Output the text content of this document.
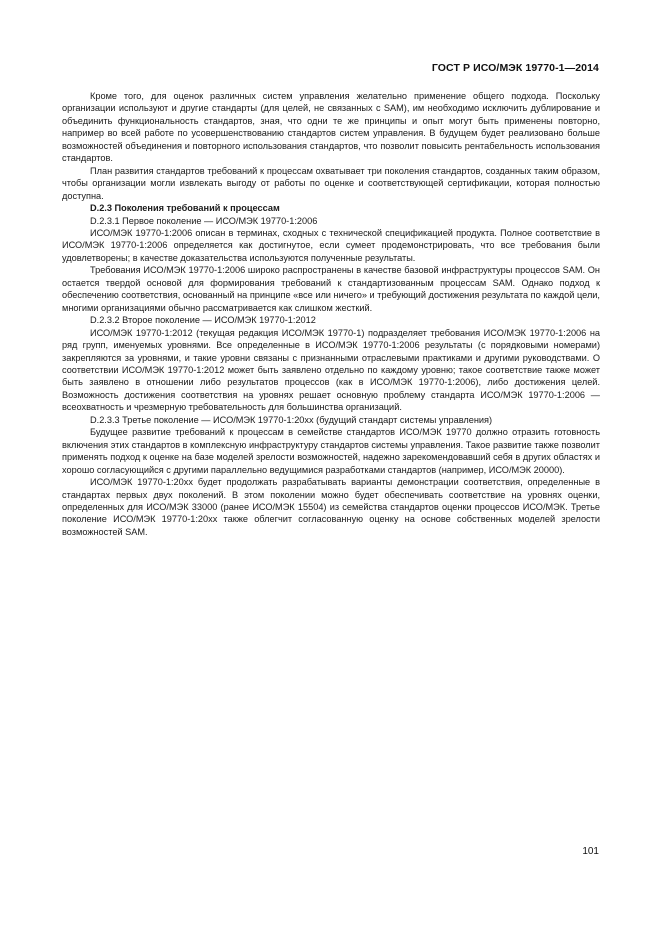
ГОСТ Р ИСО/МЭК 19770-1—2014

Кроме того, для оценок различных систем управления желательно применение общего подхода. Поскольку организации используют и другие стандарты (для целей, не связанных с SAM), им необходимо исключить дублирование и объединить функциональность стандартов, зная, что одни те же принципы и опыт могут быть применены повторно, например во всей работе по усовершенствованию стандартов систем управления. В будущем будет реализовано больше возможностей объединения и повторного использования стандартов, что позволит повысить рентабельность использования стандартов.

План развития стандартов требований к процессам охватывает три поколения стандартов, созданных таким образом, чтобы организации могли извлекать выгоду от работы по оценке и соответствующей сертификации, которая полностью доступна.

D.2.3 Поколения требований к процессам

D.2.3.1 Первое поколение — ИСО/МЭК 19770-1:2006

ИСО/МЭК 19770-1:2006 описан в терминах, сходных с технической спецификацией продукта. Полное соответствие в ИСО/МЭК 19770-1:2006 определяется как достигнутое, если сумеет продемонстрировать, что все требования были удовлетворены; в качестве доказательства используются полученные результаты.

Требования ИСО/МЭК 19770-1:2006 широко распространены в качестве базовой инфраструктуры процессов SAM. Он остается твердой основой для формирования требований к стандартизованным процессам SAM. Однако подход к обеспечению соответствия, основанный на принципе «все или ничего» и требующий достижения результата по каждой цели, многими организациями обычно рассматривается как слишком жесткий.

D.2.3.2 Второе поколение — ИСО/МЭК 19770-1:2012

ИСО/МЭК 19770-1:2012 (текущая редакция ИСО/МЭК 19770-1) подразделяет требования ИСО/МЭК 19770-1:2006 на ряд групп, именуемых уровнями. Все определенные в ИСО/МЭК 19770-1:2006 результаты (с порядковыми номерами) закрепляются за уровнями, и такие уровни связаны с признанными отраслевыми практиками и другими руководствами. О соответствии ИСО/МЭК 19770-1:2012 может быть заявлено отдельно по каждому уровню; такое соответствие также может быть заявлено в отношении либо результатов процессов (как в ИСО/МЭК 19770-1:2006), либо достижения целей. Возможность достижения соответствия на уровнях решает основную проблему стандарта ИСО/МЭК 19770-1:2006 — всеохватность и чрезмерную требовательность для большинства организаций.

D.2.3.3 Третье поколение — ИСО/МЭК 19770-1:20хх (будущий стандарт системы управления)

Будущее развитие требований к процессам в семействе стандартов ИСО/МЭК 19770 должно отразить готовность включения этих стандартов в комплексную инфраструктуру стандартов системы управления. Такое развитие также позволит применять подход к оценке на базе моделей зрелости возможностей, надежно зарекомендовавший себя в других областях и хорошо согласующийся с другими параллельно ведущимися разработками стандартов (например, ИСО/МЭК 20000).

ИСО/МЭК 19770-1:20хх будет продолжать разрабатывать варианты демонстрации соответствия, определенные в стандартах первых двух поколений. В этом поколении можно будет обеспечивать соответствие на уровнях оценки, определенных для ИСО/МЭК 33000 (ранее ИСО/МЭК 15504) из семейства стандартов оценки процессов ИСО/МЭК. Третье поколение ИСО/МЭК 19770-1:20хх также облегчит согласованную оценку на основе собственных моделей зрелости возможностей SAM.

101
